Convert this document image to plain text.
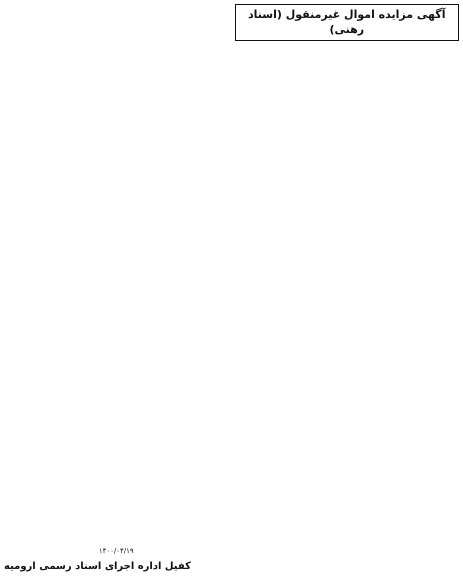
آگهی مزایده اموال غیرمنقول (اسناد رهنی)
۱۴۰۰/۰۴/۱۹
کفیل اداره اجرای اسناد رسمی ارومیه
